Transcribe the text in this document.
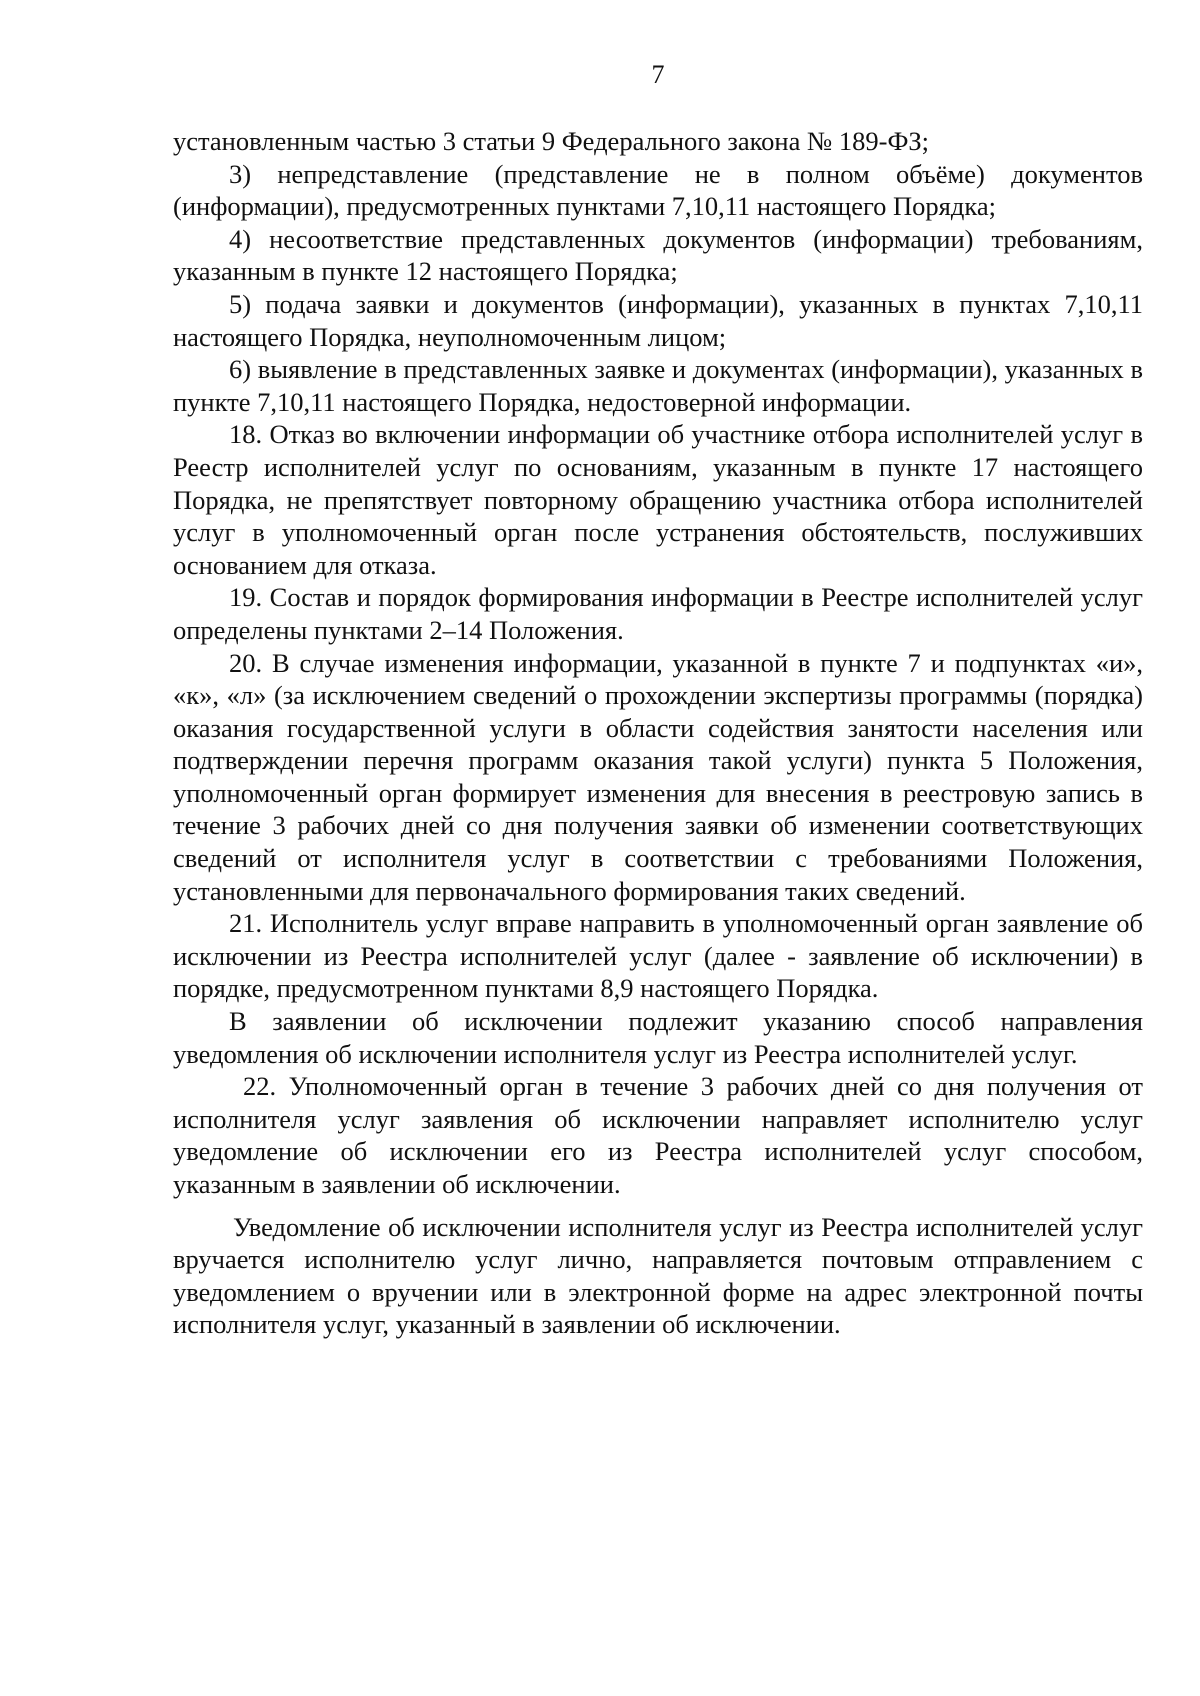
7

установленным частью 3 статьи 9 Федерального закона № 189-ФЗ;

3) непредставление (представление не в полном объёме) документов (информации), предусмотренных пунктами 7,10,11 настоящего Порядка;

4) несоответствие представленных документов (информации) требованиям, указанным в пункте 12 настоящего Порядка;

5) подача заявки и документов (информации), указанных в пунктах 7,10,11 настоящего Порядка, неуполномоченным лицом;

6) выявление в представленных заявке и документах (информации), указанных в пункте 7,10,11 настоящего Порядка, недостоверной информации.

18. Отказ во включении информации об участнике отбора исполнителей услуг в Реестр исполнителей услуг по основаниям, указанным в пункте 17 настоящего Порядка, не препятствует повторному обращению участника отбора исполнителей услуг в уполномоченный орган после устранения обстоятельств, послуживших основанием для отказа.

19. Состав и порядок формирования информации в Реестре исполнителей услуг определены пунктами 2–14 Положения.

20. В случае изменения информации, указанной в пункте 7 и подпунктах «и», «к», «л» (за исключением сведений о прохождении экспертизы программы (порядка) оказания государственной услуги в области содействия занятости населения или подтверждении перечня программ оказания такой услуги) пункта 5 Положения, уполномоченный орган формирует изменения для внесения в реестровую запись в течение 3 рабочих дней со дня получения заявки об изменении соответствующих сведений от исполнителя услуг в соответствии с требованиями Положения, установленными для первоначального формирования таких сведений.

21. Исполнитель услуг вправе направить в уполномоченный орган заявление об исключении из Реестра исполнителей услуг (далее - заявление об исключении) в порядке, предусмотренном пунктами 8,9 настоящего Порядка.

В заявлении об исключении подлежит указанию способ направления уведомления об исключении исполнителя услуг из Реестра исполнителей услуг.

22. Уполномоченный орган в течение 3 рабочих дней со дня получения от исполнителя услуг заявления об исключении направляет исполнителю услуг уведомление об исключении его из Реестра исполнителей услуг способом, указанным в заявлении об исключении.

Уведомление об исключении исполнителя услуг из Реестра исполнителей услуг вручается исполнителю услуг лично, направляется почтовым отправлением с уведомлением о вручении или в электронной форме на адрес электронной почты исполнителя услуг, указанный в заявлении об исключении.
